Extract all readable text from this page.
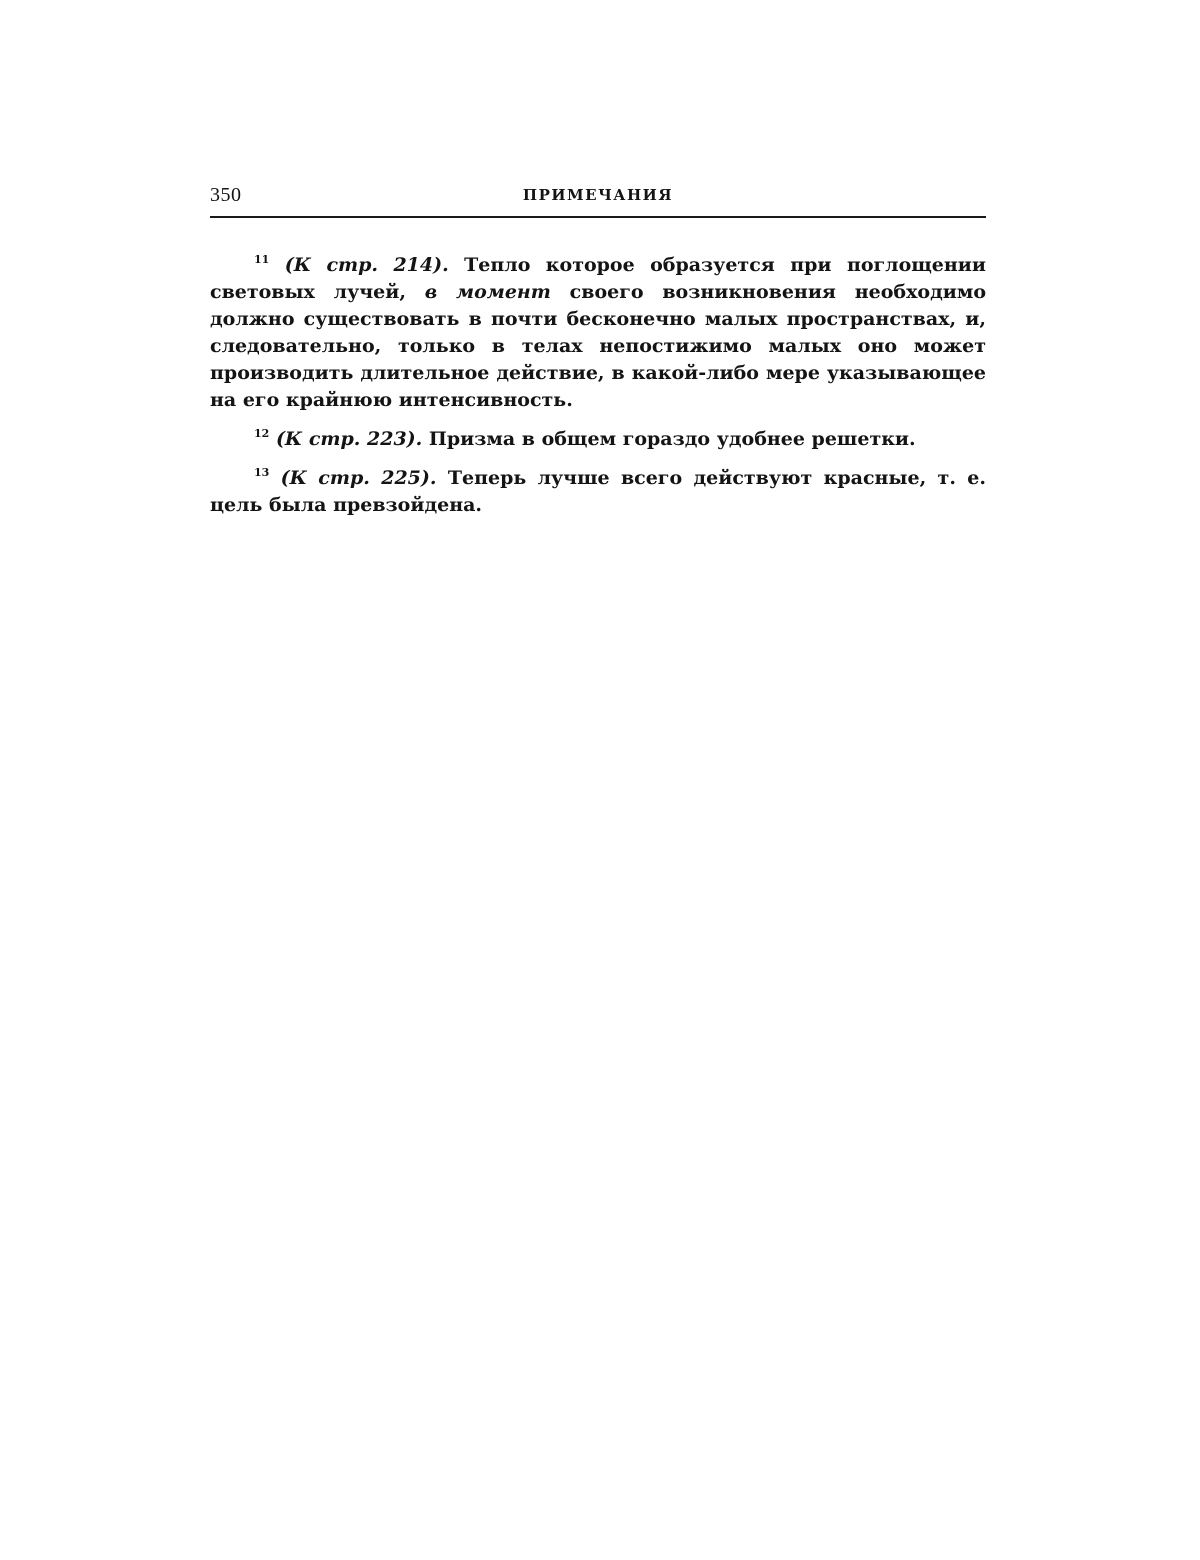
350	ПРИМЕЧАНИЯ

$^{11}$ (К стр. 214). Тепло которое образуется при поглощении световых лучей, в момент своего возникновения необходимо должно существовать в почти бесконечно малых пространствах, и, следовательно, только в телах непостижимо малых оно может производить длительное действие, в какой-либо мере указывающее на его крайнюю интенсивность.

$^{12}$ (К стр. 223). Призма в общем гораздо удобнее решетки.

$^{13}$ (К стр. 225). Теперь лучше всего действуют красные, т. е. цель была превзойдена.
